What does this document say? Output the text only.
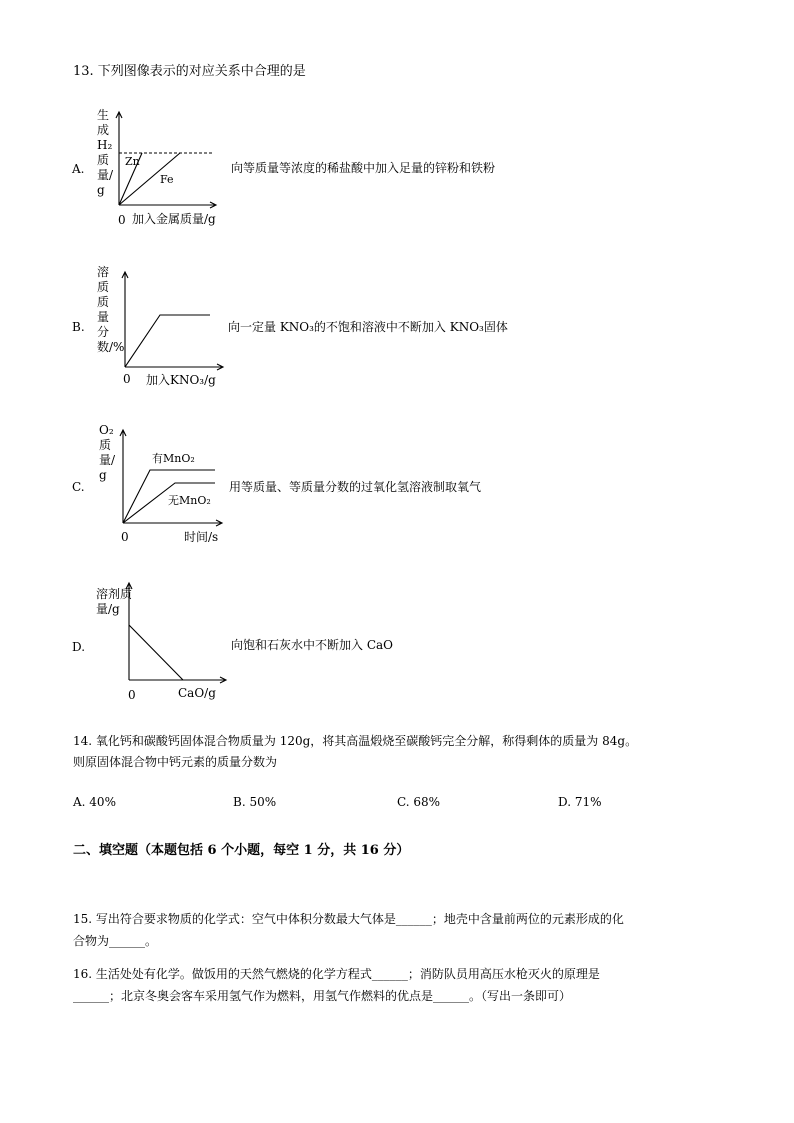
13. 下列图像表示的对应关系中合理的是
A.
生成H₂质量/g
Zn
Fe
0 加入金属质量/g
向等质量等浓度的稀盐酸中加入足量的锌粉和铁粉
B.
溶质质量分数/%
0 加入KNO₃/g
向一定量 KNO₃的不饱和溶液中不断加入 KNO₃固体
C.
O₂质量/g
有MnO₂
无MnO₂
0	时间/s
用等质量、等质量分数的过氧化氢溶液制取氧气
D.
溶剂质量/g
0	CaO/g
向饱和石灰水中不断加入 CaO
14. 氧化钙和碳酸钙固体混合物质量为 120g，将其高温煅烧至碳酸钙完全分解，称得剩体的质量为 84g。
则原固体混合物中钙元素的质量分数为
A. 40%	B. 50%	C. 68%	D. 71%
二、填空题（本题包括 6 个小题，每空 1 分，共 16 分）
15. 写出符合要求物质的化学式：空气中体积分数最大气体是______；地壳中含量前两位的元素形成的化
合物为______。
16. 生活处处有化学。做饭用的天然气燃烧的化学方程式______；消防队员用高压水枪灭火的原理是
______；北京冬奥会客车采用氢气作为燃料，用氢气作燃料的优点是______。（写出一条即可）
